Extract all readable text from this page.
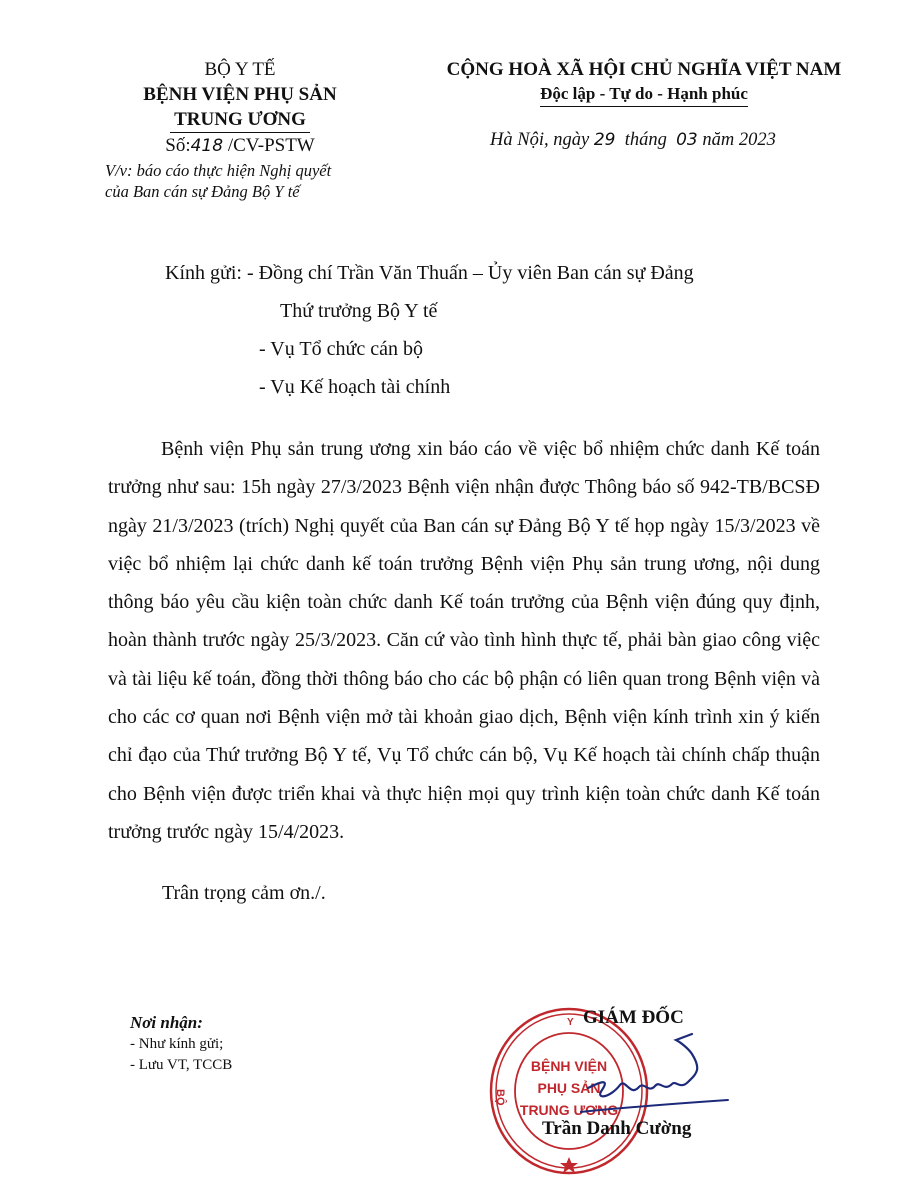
BỘ Y TẾ
BỆNH VIỆN PHỤ SẢN
TRUNG ƯƠNG
Số:418 /CV-PSTW
V/v: báo cáo thực hiện Nghị quyết
của Ban cán sự Đảng Bộ Y tế
CỘNG HOÀ XÃ HỘI CHỦ NGHĨA VIỆT NAM
Độc lập - Tự do - Hạnh phúc
Hà Nội, ngày 29  tháng  03 năm 2023
Kính gửi: - Đồng chí Trần Văn Thuấn – Ủy viên Ban cán sự Đảng
Thứ trưởng Bộ Y tế
- Vụ Tổ chức cán bộ
- Vụ Kế hoạch tài chính

Bệnh viện Phụ sản trung ương xin báo cáo về việc bổ nhiệm chức danh Kế toán trưởng như sau: 15h ngày 27/3/2023 Bệnh viện nhận được Thông báo số 942-TB/BCSĐ ngày 21/3/2023 (trích) Nghị quyết của Ban cán sự Đảng Bộ Y tế họp ngày 15/3/2023 về việc bổ nhiệm lại chức danh kế toán trưởng Bệnh viện Phụ sản trung ương, nội dung thông báo yêu cầu kiện toàn chức danh Kế toán trưởng của Bệnh viện đúng quy định, hoàn thành trước ngày 25/3/2023. Căn cứ vào tình hình thực tế, phải bàn giao công việc và tài liệu kế toán, đồng thời thông báo cho các bộ phận có liên quan trong Bệnh viện và cho các cơ quan nơi Bệnh viện mở tài khoản giao dịch, Bệnh viện kính trình xin ý kiến chỉ đạo của Thứ trưởng Bộ Y tế, Vụ Tổ chức cán bộ, Vụ Kế hoạch tài chính chấp thuận cho Bệnh viện được triển khai và thực hiện mọi quy trình kiện toàn chức danh Kế toán trưởng trước ngày 15/4/2023.

Trân trọng cảm ơn./.
Nơi nhận:
- Như kính gửi;
- Lưu VT, TCCB
Y
BỘ
BỆNH VIỆN
PHỤ SẢN
TRUNG ƯƠNG
GIÁM ĐỐC
Trần Danh Cường
